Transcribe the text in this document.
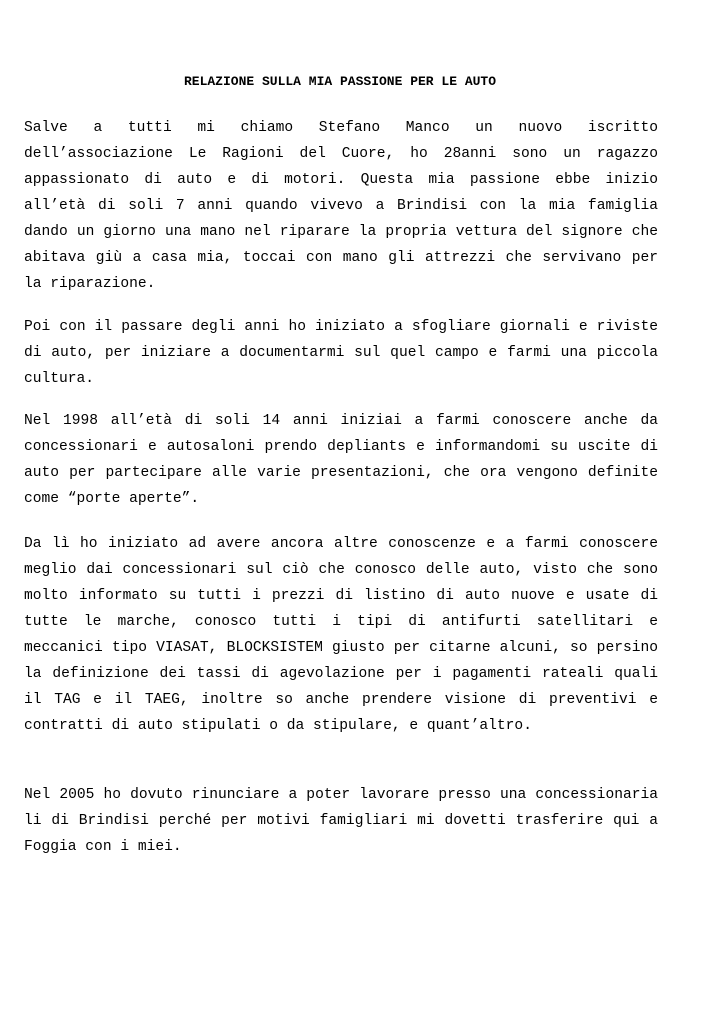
RELAZIONE SULLA MIA PASSIONE PER LE AUTO

Salve a tutti mi chiamo Stefano Manco un nuovo iscritto dell’associazione Le Ragioni del Cuore, ho 28anni sono un ragazzo appassionato di auto e di motori. Questa mia passione ebbe inizio all’età di soli 7 anni quando vivevo a Brindisi con la mia famiglia dando un giorno una mano nel riparare la propria vettura del signore che abitava giù a casa mia, toccai con mano gli attrezzi che servivano per la riparazione.

Poi con il passare degli anni ho iniziato a sfogliare giornali e riviste di auto, per iniziare a documentarmi sul quel campo e farmi una piccola cultura.

Nel 1998 all’età di soli 14 anni iniziai a farmi conoscere anche da concessionari e autosaloni prendo depliants e informandomi su uscite di auto per partecipare alle varie presentazioni, che ora vengono definite come “porte aperte”.

Da lì ho iniziato ad avere ancora altre conoscenze e a farmi conoscere meglio dai concessionari sul ciò che conosco delle auto, visto che sono molto informato su tutti i prezzi di listino di auto nuove e usate di tutte le marche, conosco tutti i tipi di antifurti satellitari e meccanici tipo VIASAT, BLOCKSISTEM giusto per citarne alcuni, so persino la definizione dei tassi di agevolazione per i pagamenti rateali quali il TAG e il TAEG, inoltre so anche prendere visione di preventivi e contratti di auto stipulati o da stipulare, e quant’altro.

Nel 2005 ho dovuto rinunciare a poter lavorare presso una concessionaria li di Brindisi perché per motivi famigliari mi dovetti trasferire qui a Foggia con i miei.
